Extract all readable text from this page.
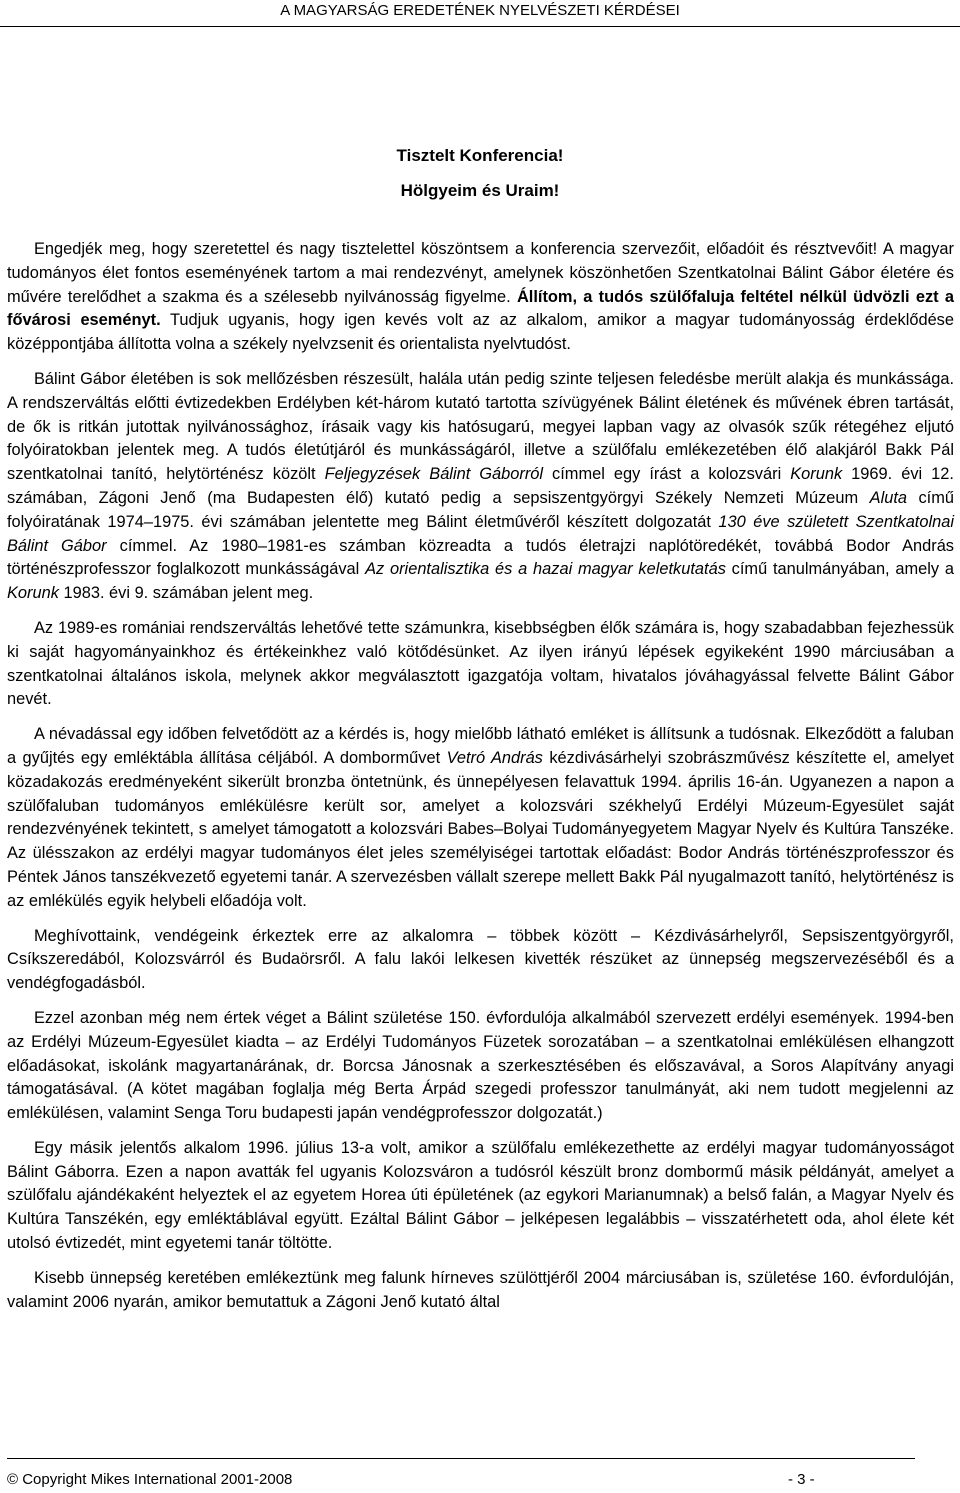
A MAGYARSÁG EREDETÉNEK NYELVÉSZETI KÉRDÉSEI
Tisztelt Konferencia!
Hölgyeim és Uraim!

Engedjék meg, hogy szeretettel és nagy tisztelettel köszöntsem a konferencia szervezőit, előadóit és résztvevőit! A magyar tudományos élet fontos eseményének tartom a mai rendezvényt, amelynek köszönhetően Szentkatolnai Bálint Gábor életére és művére terelődhet a szakma és a szélesebb nyilvánosság figyelme. Állítom, a tudós szülőfaluja feltétel nélkül üdvözli ezt a fővárosi eseményt. Tudjuk ugyanis, hogy igen kevés volt az az alkalom, amikor a magyar tudományosság érdeklődése középpontjába állította volna a székely nyelvzsenit és orientalista nyelvtudóst.

Bálint Gábor életében is sok mellőzésben részesült, halála után pedig szinte teljesen feledésbe merült alakja és munkássága. A rendszerváltás előtti évtizedekben Erdélyben két-három kutató tartotta szívügyének Bálint életének és művének ébren tartását, de ők is ritkán jutottak nyilvánossághoz, írásaik vagy kis hatósugarú, megyei lapban vagy az olvasók szűk rétegéhez eljutó folyóiratokban jelentek meg. A tudós életútjáról és munkásságáról, illetve a szülőfalu emlékezetében élő alakjáról Bakk Pál szentkatolnai tanító, helytörténész közölt Feljegyzések Bálint Gáborról címmel egy írást a kolozsvári Korunk 1969. évi 12. számában, Zágoni Jenő (ma Budapesten élő) kutató pedig a sepsiszentgyörgyi Székely Nemzeti Múzeum Aluta című folyóiratának 1974–1975. évi számában jelentette meg Bálint életművéről készített dolgozatát 130 éve született Szentkatolnai Bálint Gábor címmel. Az 1980–1981-es számban közreadta a tudós életrajzi naplótöredékét, továbbá Bodor András történészprofesszor foglalkozott munkásságával Az orientalisztika és a hazai magyar keletkutatás című tanulmányában, amely a Korunk 1983. évi 9. számában jelent meg.

Az 1989-es romániai rendszerváltás lehetővé tette számunkra, kisebbségben élők számára is, hogy szabadabban fejezhessük ki saját hagyományainkhoz és értékeinkhez való kötődésünket. Az ilyen irányú lépések egyikeként 1990 márciusában a szentkatolnai általános iskola, melynek akkor megválasztott igazgatója voltam, hivatalos jóváhagyással felvette Bálint Gábor nevét.

A névadással egy időben felvetődött az a kérdés is, hogy mielőbb látható emléket is állítsunk a tudósnak. Elkeződött a faluban a gyűjtés egy emléktábla állítása céljából. A domborművet Vetró András kézdivásárhelyi szobrászművész készítette el, amelyet közadakozás eredményeként sikerült bronzba öntetnünk, és ünnepélyesen felavattuk 1994. április 16-án. Ugyanezen a napon a szülőfaluban tudományos emlékülésre került sor, amelyet a kolozsvári székhelyű Erdélyi Múzeum-Egyesület saját rendezvényének tekintett, s amelyet támogatott a kolozsvári Babes–Bolyai Tudományegyetem Magyar Nyelv és Kultúra Tanszéke. Az ülésszakon az erdélyi magyar tudományos élet jeles személyiségei tartottak előadást: Bodor András történészprofesszor és Péntek János tanszékvezető egyetemi tanár. A szervezésben vállalt szerepe mellett Bakk Pál nyugalmazott tanító, helytörténész is az emlékülés egyik helybeli előadója volt.

Meghívottaink, vendégeink érkeztek erre az alkalomra – többek között – Kézdivásárhelyről, Sepsiszentgyörgyről, Csíkszeredából, Kolozsvárról és Budaörsről. A falu lakói lelkesen kivették részüket az ünnepség megszervezéséből és a vendégfogadásból.

Ezzel azonban még nem értek véget a Bálint születése 150. évfordulója alkalmából szervezett erdélyi események. 1994-ben az Erdélyi Múzeum-Egyesület kiadta – az Erdélyi Tudományos Füzetek sorozatában – a szentkatolnai emlékülésen elhangzott előadásokat, iskolánk magyartanárának, dr. Borcsa Jánosnak a szerkesztésében és előszavával, a Soros Alapítvány anyagi támogatásával. (A kötet magában foglalja még Berta Árpád szegedi professzor tanulmányát, aki nem tudott megjelenni az emlékülésen, valamint Senga Toru budapesti japán vendégprofesszor dolgozatát.)

Egy másik jelentős alkalom 1996. július 13-a volt, amikor a szülőfalu emlékezethette az erdélyi magyar tudományosságot Bálint Gáborra. Ezen a napon avatták fel ugyanis Kolozsváron a tudósról készült bronz dombormű másik példányát, amelyet a szülőfalu ajándékaként helyeztek el az egyetem Horea úti épületének (az egykori Marianumnak) a belső falán, a Magyar Nyelv és Kultúra Tanszékén, egy emléktáblával együtt. Ezáltal Bálint Gábor – jelképesen legalábbis – visszatérhetett oda, ahol élete két utolsó évtizedét, mint egyetemi tanár töltötte.

Kisebb ünnepség keretében emlékeztünk meg falunk hírneves szülöttjéről 2004 márciusában is, születése 160. évfordulóján, valamint 2006 nyarán, amikor bemutattuk a Zágoni Jenő kutató által

© Copyright Mikes International 2001-2008	- 3 -
